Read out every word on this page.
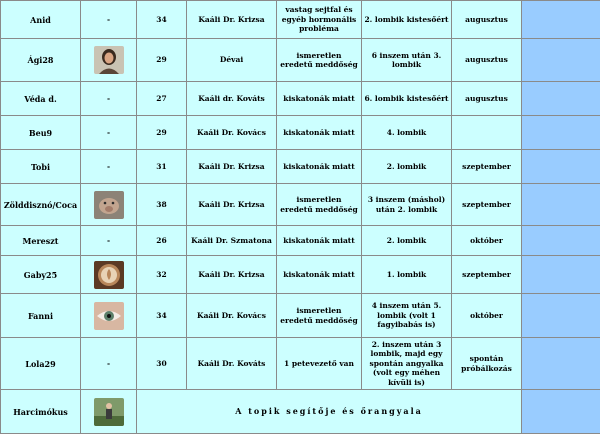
Anid	-	34	Kaáli Dr. Krizsa	vastag sejtfal és egyéb hormonális probléma	2. lombik kistesőért	augusztus	
Ági28		29	Dévai	ismeretlen eredetű meddőség	6 inszem után 3. lombik	augusztus	
Véda d.	-	27	Kaáli dr. Kováts	kiskatonák miatt	6. lombik kistesőért	augusztus	
Beu9	-	29	Kaáli Dr. Kovács	kiskatonák miatt	4. lombik		
Tobi	-	31	Kaáli Dr. Krizsa	kiskatonák miatt	2. lombik	szeptember	
Zölddisznó/Coca		38	Kaáli Dr. Krizsa	ismeretlen eredetű meddőség	3 inszem (máshol) után 2. lombik	szeptember	
Mereszt	-	26	Kaáli Dr. Szmatona	kiskatonák miatt	2. lombik	október	
Gaby25		32	Kaáli Dr. Krizsa	kiskatonák miatt	1. lombik	szeptember	
Fanni		34	Kaáli Dr. Kovács	ismeretlen eredetű meddőség	4 inszem után 5. lombik (volt 1 fagyibabás is)	október	
Lola29	-	30	Kaáli Dr. Kováts	1 petevezető van	2. inszem után 3 lombik, majd egy spontán angyalka (volt egy méhen kívüli is)	spontán próbálkozás	
Harcimókus		A topik segítője és őrangyala					
